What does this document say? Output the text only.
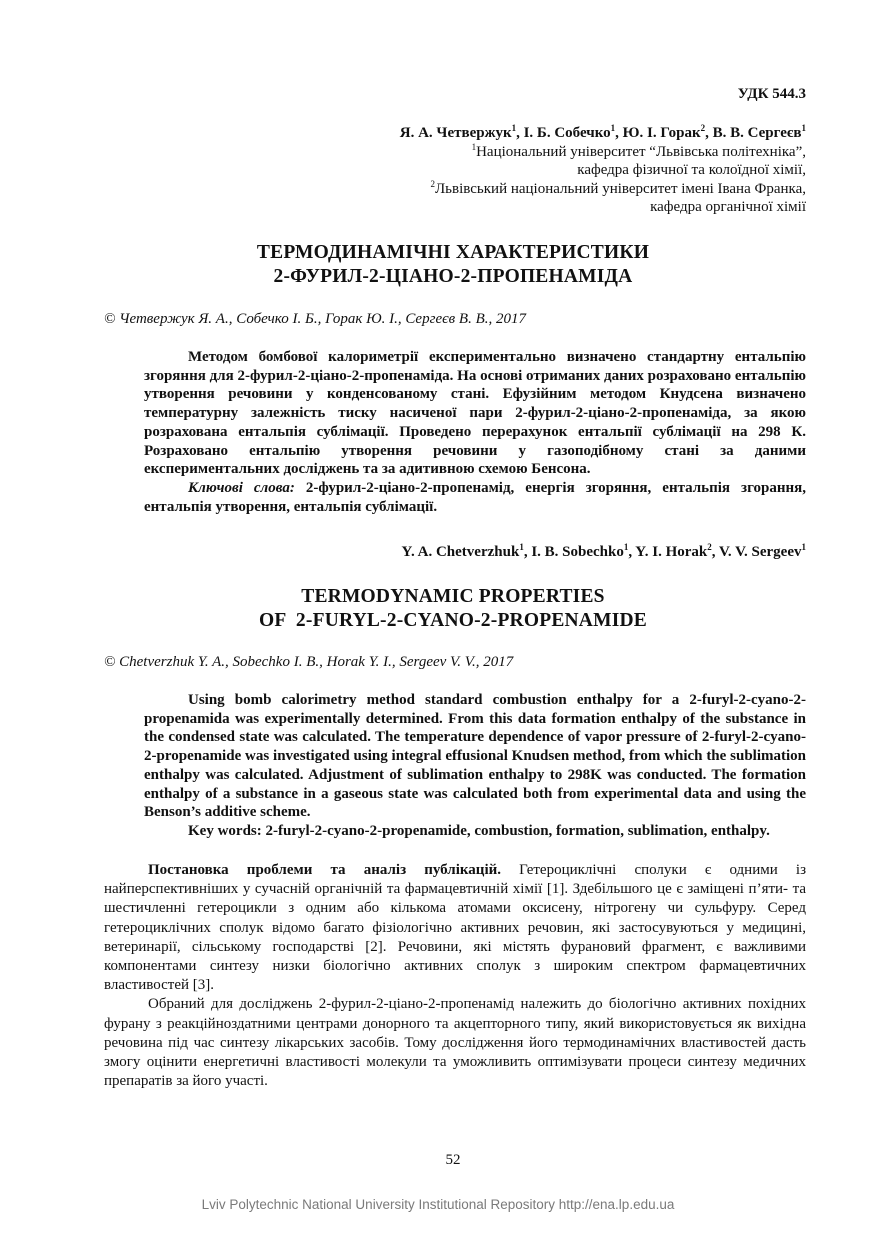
УДК 544.3
Я. А. Четвержук$^1$, І. Б. Собечко$^1$, Ю. І. Горак$^2$, В. В. Сергеєв$^1$
$^1$Національний університет “Львівська політехніка”,
кафедра фізичної та колоїдної хімії,
$^2$Львівський національний університет імені Івана Франка,
кафедра органічної хімії
ТЕРМОДИНАМІЧНІ ХАРАКТЕРИСТИКИ
2-ФУРИЛ-2-ЦІАНО-2-ПРОПЕНАМІДА
© Четвержук Я. А., Собечко І. Б., Горак Ю. І., Сергеєв В. В., 2017

Методом бомбової калориметрії експериментально визначено стандартну ентальпію згоряння для 2-фурил-2-ціано-2-пропенаміда. На основі отриманих даних розраховано ентальпію утворення речовини у конденсованому стані. Ефузійним методом Кнудсена визначено температурну залежність тиску насиченої пари 2-фурил-2-ціано-2-пропенаміда, за якою розрахована ентальпія сублімації. Проведено перерахунок ентальпії сублімації на 298 К. Розраховано ентальпію утворення речовини у газоподібному стані за даними експериментальних досліджень та за адитивною схемою Бенсона.

Ключові слова: 2-фурил-2-ціано-2-пропенамід, енергія згоряння, ентальпія згорання, ентальпія утворення, ентальпія сублімації.

Y. A. Chetverzhuk$^1$, I. B. Sobechko$^1$, Y. I. Horak$^2$, V. V. Sergeev$^1$
TERMODYNAMIC PROPERTIES
OF  2-FURYL-2-CYANO-2-PROPENAMIDE
© Chetverzhuk Y. A., Sobechko I. B., Horak Y. I., Sergeev V. V., 2017

Using bomb calorimetry method standard combustion enthalpy for a 2-furyl-2-cyano-2-propenamida was experimentally determined. From this data formation enthalpy of the substance in the condensed state was calculated. The temperature dependence of vapor pressure of 2-furyl-2-cyano-2-propenamide was investigated using integral effusional Knudsen method, from which the sublimation enthalpy was calculated. Adjustment of sublimation enthalpy to 298K was conducted. The formation enthalpy of a substance in a gaseous state was calculated both from experimental data and using the Benson’s additive scheme.

Key words: 2-furyl-2-cyano-2-propenamide, combustion, formation, sublimation, enthalpy.

Постановка проблеми та аналіз публікацій. Гетероциклічні сполуки є одними із найперспективніших у сучасній органічній та фармацевтичній хімії [1]. Здебільшого це є заміщені п’яти- та шестичленні гетероцикли з одним або кількома атомами оксисену, нітрогену чи сульфуру. Серед гетероциклічних сполук відомо багато фізіологічно активних речовин, які застосувуються у медицині, ветеринарії, сільському господарстві [2]. Речовини, які містять фурановий фрагмент, є важливими компонентами синтезу низки біологічно активних сполук з широким спектром фармацевтичних властивостей [3].

Обраний для досліджень 2-фурил-2-ціано-2-пропенамід належить до біологічно активних похідних фурану з реакційноздатними центрами донорного та акцепторного типу, який використовується як вихідна речовина під час синтезу лікарських засобів. Тому дослідження його термодинамічних властивостей дасть змогу оцінити енергетичні властивості молекули та уможливить оптимізувати процеси синтезу медичних препаратів за його участі.

52
Lviv Polytechnic National University Institutional Repository http://ena.lp.edu.ua
